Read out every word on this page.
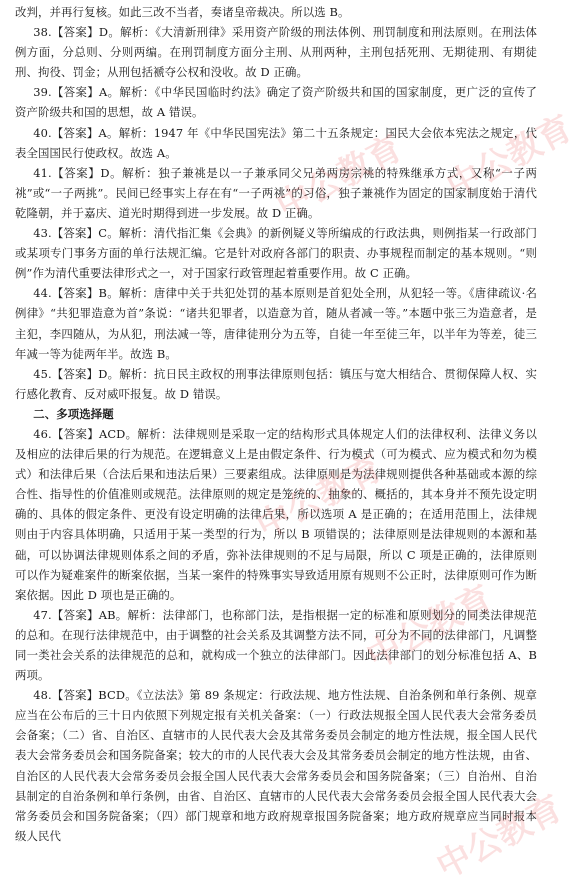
改判，并再行复核。如此三改不当者，奏诸皇帝裁决。所以选 B。

38.【答案】D。解析：《大清新刑律》采用资产阶级的刑法体例、刑罚制度和刑法原则。在刑法体例方面，分总则、分则两编。在刑罚制度方面分主刑、从刑两种，主刑包括死刑、无期徒刑、有期徒刑、拘役、罚金；从刑包括褫夺公权和没收。故 D 正确。

39.【答案】A。解析：《中华民国临时约法》确定了资产阶级共和国的国家制度，更广泛的宣传了资产阶级共和国的思想，故 A 错误。

40.【答案】A。解析：1947 年《中华民国宪法》第二十五条规定：国民大会依本宪法之规定，代表全国国民行使政权。故选 A。

41.【答案】D。解析：独子兼祧是以一子兼承同父兄弟两房宗祧的特殊继承方式，又称“一子两祧”或“一子两挑”。民间已经事实上存在有“一子两祧”的习俗，独子兼祧作为固定的国家制度始于清代乾隆朝，并于嘉庆、道光时期得到进一步发展。故 D 正确。

43.【答案】C。解析：清代指汇集《会典》的新例疑义等所编成的行政法典，则例指某一行政部门或某项专门事务方面的单行法规汇编。它是针对政府各部门的职责、办事规程而制定的基本规则。“则例”作为清代重要法律形式之一，对于国家行政管理起着重要作用。故 C 正确。

44.【答案】B。解析：唐律中关于共犯处罚的基本原则是首犯处全刑，从犯轻一等。《唐律疏议·名例律》“共犯罪造意为首”条说：“诸共犯罪者，以造意为首，随从者减一等。”本题中张三为造意者，是主犯，李四随从，为从犯，刑法减一等，唐律徒刑分为五等，自徒一年至徒三年，以半年为等差，徒三年减一等为徒两年半。故选 B。

45.【答案】D。解析：抗日民主政权的刑事法律原则包括：镇压与宽大相结合、贯彻保障人权、实行感化教育、反对威吓报复。故 D 错误。

二、多项选择题

46.【答案】ACD。解析：法律规则是采取一定的结构形式具体规定人们的法律权利、法律义务以及相应的法律后果的行为规范。在逻辑意义上是由假定条件、行为模式（可为模式、应为模式和勿为模式）和法律后果（合法后果和违法后果）三要素组成。法律原则是为法律规则提供各种基础或本源的综合性、指导性的价值准则或规范。法律原则的规定是笼统的、抽象的、概括的，其本身并不预先设定明确的、具体的假定条件、更没有设定明确的法律后果，所以选项 A 是正确的；在适用范围上，法律规则由于内容具体明确，只适用于某一类型的行为，所以 B 项错误的；法律原则是法律规则的本源和基础，可以协调法律规则体系之间的矛盾，弥补法律规则的不足与局限，所以 C 项是正确的，法律原则可以作为疑难案件的断案依据，当某一案件的特殊事实导致适用原有规则不公正时，法律原则可作为断案依据。因此 D 项也是正确的。

47.【答案】AB。解析：法律部门，也称部门法，是指根据一定的标准和原则划分的同类法律规范的总和。在现行法律规范中，由于调整的社会关系及其调整方法不同，可分为不同的法律部门，凡调整同一类社会关系的法律规范的总和，就构成一个独立的法律部门。因此法律部门的划分标准包括 A、B 两项。

48.【答案】BCD。《立法法》第 89 条规定：行政法规、地方性法规、自治条例和单行条例、规章应当在公布后的三十日内依照下列规定报有关机关备案：（一）行政法规报全国人民代表大会常务委员会备案；（二）省、自治区、直辖市的人民代表大会及其常务委员会制定的地方性法规，报全国人民代表大会常务委员会和国务院备案；较大的市的人民代表大会及其常务委员会制定的地方性法规，由省、自治区的人民代表大会常务委员会报全国人民代表大会常务委员会和国务院备案；（三）自治州、自治县制定的自治条例和单行条例，由省、自治区、直辖市的人民代表大会常务委员会报全国人民代表大会常务委员会和国务院备案；（四）部门规章和地方政府规章报国务院备案；地方政府规章应当同时报本级人民代

中公教育 中公教育
中公教育
中公教育
中公教育
